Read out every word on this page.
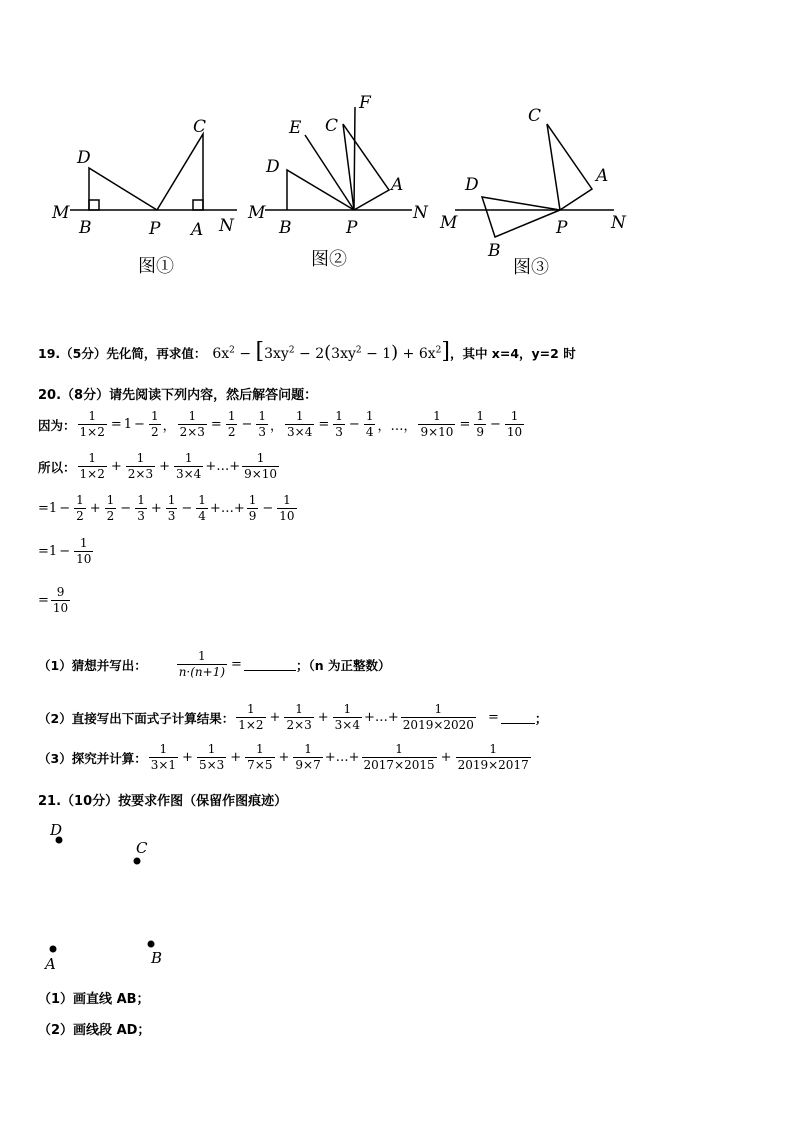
M
B
D
P
C
A N
图①
M
B
D
P
E C
F
A
N
图②
M
D
B
P
C
A
N
图③
19.（5分）先化简，再求值： $6x^2 - [3xy^2 - 2(3xy^2 - 1) + 6x^2]$ ，其中 x=4，y=2 时
20.（8分）请先阅读下列内容，然后解答问题：
因为： $\frac{1}{1\times 2} = 1 - \frac{1}{2}$ ， $\frac{1}{2\times 3} = \frac{1}{2} - \frac{1}{3}$ ， $\frac{1}{3\times 4} = \frac{1}{3} - \frac{1}{4}$ ，…， $\frac{1}{9\times 10} = \frac{1}{9} - \frac{1}{10}$
所以： $\frac{1}{1\times 2} + \frac{1}{2\times 3} + \frac{1}{3\times 4}$ +…+ $\frac{1}{9\times 10}$
= $1 - \frac{1}{2} + \frac{1}{2} - \frac{1}{3} + \frac{1}{3} - \frac{1}{4}$ +…+ $\frac{1}{9} - \frac{1}{10}$
= $1 - \frac{1}{10}$
= $\frac{9}{10}$
（1）猜想并写出：	$\frac{1}{n\cdot(n+1)}$ =	；（n 为正整数）
（2）直接写出下面式子计算结果： $\frac{1}{1\times 2} + \frac{1}{2\times 3} + \frac{1}{3\times 4}$ +…+ $\frac{1}{2019\times 2020}$ =	；
（3）探究并计算： $\frac{1}{3\times 1} + \frac{1}{5\times 3} + \frac{1}{7\times 5} + \frac{1}{9\times 7}$ +…+ $\frac{1}{2017\times 2015} + \frac{1}{2019\times 2017}$
21.（10分）按要求作图（保留作图痕迹）
D
C
A	B
（1）画直线 AB；
（2）画线段 AD；
